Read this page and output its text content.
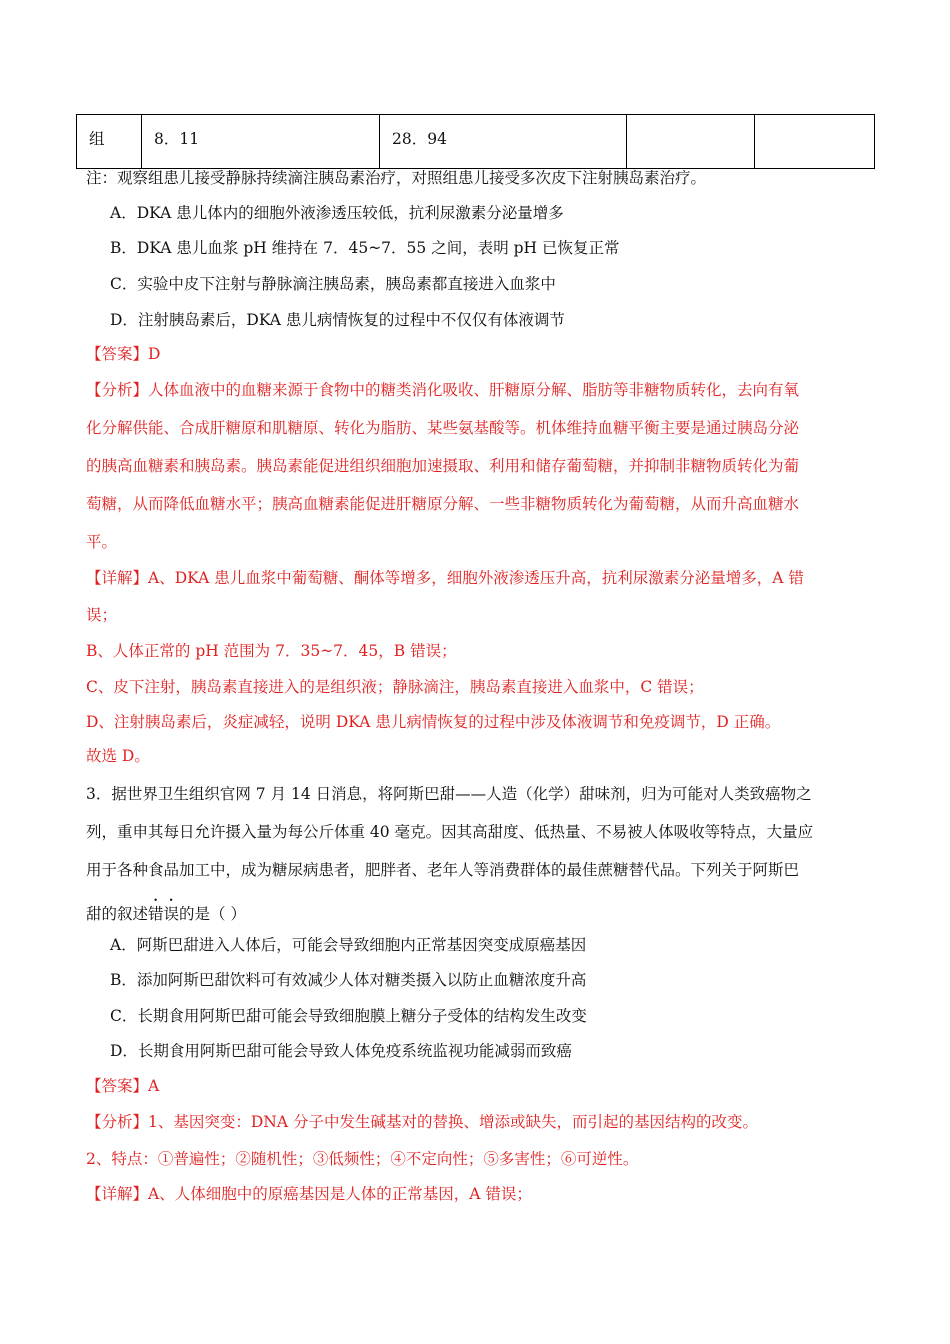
组	8．11	28．94		
注：观察组患儿接受静脉持续滴注胰岛素治疗，对照组患儿接受多次皮下注射胰岛素治疗。
A．DKA 患儿体内的细胞外液渗透压较低，抗利尿激素分泌量增多
B．DKA 患儿血浆 pH 维持在 7．45~7．55 之间，表明 pH 已恢复正常
C．实验中皮下注射与静脉滴注胰岛素，胰岛素都直接进入血浆中
D．注射胰岛素后，DKA 患儿病情恢复的过程中不仅仅有体液调节
【答案】D
【分析】人体血液中的血糖来源于食物中的糖类消化吸收、肝糖原分解、脂肪等非糖物质转化，去向有氧
化分解供能、合成肝糖原和肌糖原、转化为脂肪、某些氨基酸等。机体维持血糖平衡主要是通过胰岛分泌
的胰高血糖素和胰岛素。胰岛素能促进组织细胞加速摄取、利用和储存葡萄糖，并抑制非糖物质转化为葡
萄糖，从而降低血糖水平；胰高血糖素能促进肝糖原分解、一些非糖物质转化为葡萄糖，从而升高血糖水
平。
【详解】A、DKA 患儿血浆中葡萄糖、酮体等增多，细胞外液渗透压升高，抗利尿激素分泌量增多，A 错
误；
B、人体正常的 pH 范围为 7．35~7．45，B 错误；
C、皮下注射，胰岛素直接进入的是组织液；静脉滴注，胰岛素直接进入血浆中，C 错误；
D、注射胰岛素后，炎症减轻，说明 DKA 患儿病情恢复的过程中涉及体液调节和免疫调节，D 正确。
故选 D。
3．据世界卫生组织官网 7 月 14 日消息，将阿斯巴甜——人造（化学）甜味剂，归为可能对人类致癌物之
列，重申其每日允许摄入量为每公斤体重 40 毫克。因其高甜度、低热量、不易被人体吸收等特点，大量应
用于各种食品加工中，成为糖尿病患者，肥胖者、老年人等消费群体的最佳蔗糖替代品。下列关于阿斯巴
甜的叙述错误的是（ ）
A．阿斯巴甜进入人体后，可能会导致细胞内正常基因突变成原癌基因
B．添加阿斯巴甜饮料可有效减少人体对糖类摄入以防止血糖浓度升高
C．长期食用阿斯巴甜可能会导致细胞膜上糖分子受体的结构发生改变
D．长期食用阿斯巴甜可能会导致人体免疫系统监视功能减弱而致癌
【答案】A
【分析】1、基因突变：DNA 分子中发生碱基对的替换、增添或缺失，而引起的基因结构的改变。
2、特点：①普遍性；②随机性；③低频性；④不定向性；⑤多害性；⑥可逆性。
【详解】A、人体细胞中的原癌基因是人体的正常基因，A 错误；
